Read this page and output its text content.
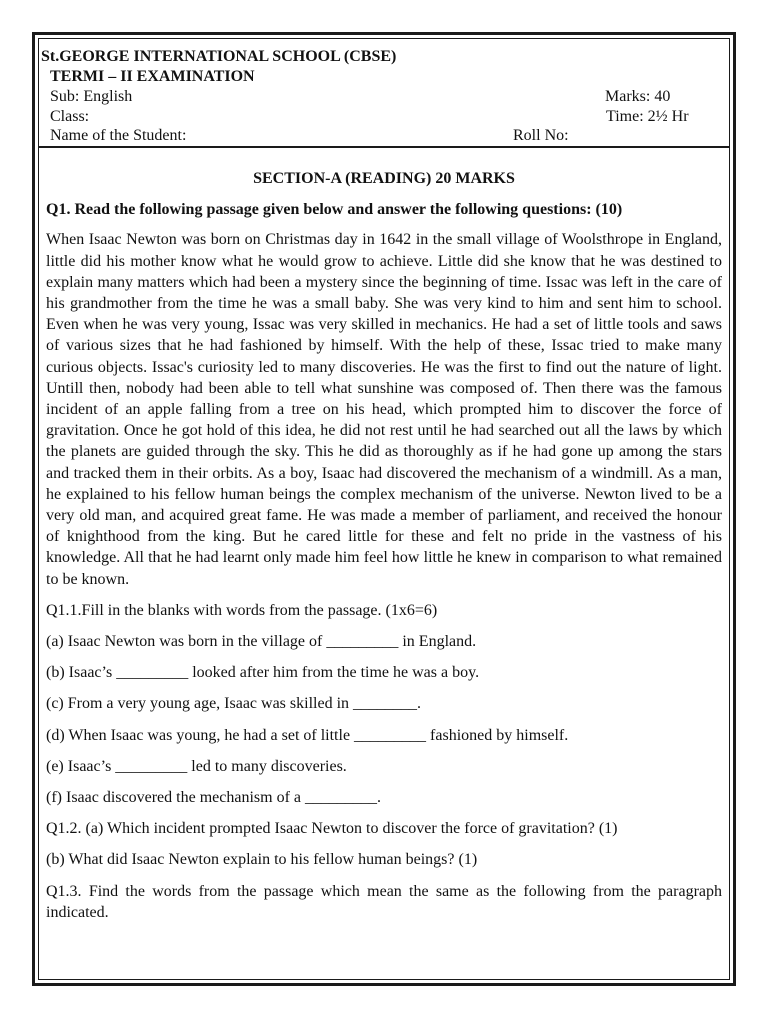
St.GEORGE INTERNATIONAL SCHOOL (CBSE)
TERMI – II EXAMINATION
Sub: English	Marks: 40
Class:	Time: 2½ Hr
Name of the Student:	Roll No:

SECTION-A (READING) 20 MARKS

Q1. Read the following passage given below and answer the following questions: (10)

When Isaac Newton was born on Christmas day in 1642 in the small village of Woolsthrope in England, little did his mother know what he would grow to achieve. Little did she know that he was destined to explain many matters which had been a mystery since the beginning of time. Issac was left in the care of his grandmother from the time he was a small baby. She was very kind to him and sent him to school. Even when he was very young, Issac was very skilled in mechanics. He had a set of little tools and saws of various sizes that he had fashioned by himself. With the help of these, Issac tried to make many curious objects. Issac's curiosity led to many discoveries. He was the first to find out the nature of light. Untill then, nobody had been able to tell what sunshine was composed of. Then there was the famous incident of an apple falling from a tree on his head, which prompted him to discover the force of gravitation. Once he got hold of this idea, he did not rest until he had searched out all the laws by which the planets are guided through the sky. This he did as thoroughly as if he had gone up among the stars and tracked them in their orbits. As a boy, Isaac had discovered the mechanism of a windmill. As a man, he explained to his fellow human beings the complex mechanism of the universe. Newton lived to be a very old man, and acquired great fame. He was made a member of parliament, and received the honour of knighthood from the king. But he cared little for these and felt no pride in the vastness of his knowledge. All that he had learnt only made him feel how little he knew in comparison to what remained to be known.

Q1.1.Fill in the blanks with words from the passage. (1x6=6)

(a) Isaac Newton was born in the village of _________ in England.

(b) Isaac’s _________ looked after him from the time he was a boy.

(c) From a very young age, Isaac was skilled in ________.

(d) When Isaac was young, he had a set of little _________ fashioned by himself.

(e) Isaac’s _________ led to many discoveries.

(f) Isaac discovered the mechanism of a _________.

Q1.2. (a) Which incident prompted Isaac Newton to discover the force of gravitation? (1)

(b) What did Isaac Newton explain to his fellow human beings? (1)

Q1.3. Find the words from the passage which mean the same as the following from the paragraph indicated.
